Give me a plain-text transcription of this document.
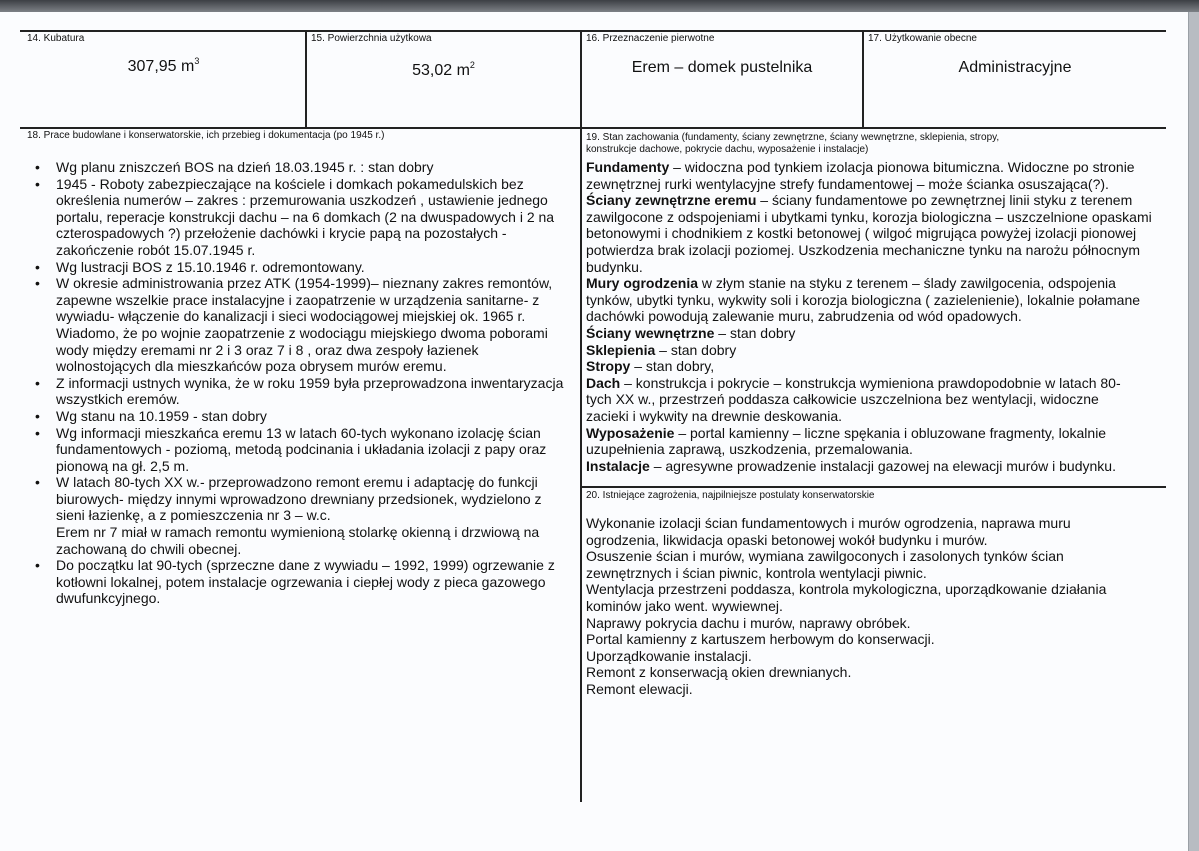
14. Kubatura
307,95 $m^3$
15. Powierzchnia użytkowa
53,02 $m^2$
16. Przeznaczenie pierwotne
Erem – domek pustelnika
17. Użytkowanie obecne
Administracyjne
18. Prace budowlane i konserwatorskie, ich przebieg i dokumentacja (po 1945 r.)
• Wg planu zniszczeń BOS na dzień 18.03.1945 r. : stan dobry
• 1945 - Roboty zabezpieczające na kościele i domkach pokamedulskich bez określenia numerów – zakres : przemurowania uszkodzeń , ustawienie jednego portalu, reperacje konstrukcji dachu – na 6 domkach (2 na dwuspadowych i 2 na czterospadowych ?) przełożenie dachówki i krycie papą na pozostałych - zakończenie robót 15.07.1945 r.
• Wg lustracji BOS z 15.10.1946 r. odremontowany.
• W okresie administrowania przez ATK (1954-1999)– nieznany zakres remontów, zapewne wszelkie prace instalacyjne i zaopatrzenie w urządzenia sanitarne- z wywiadu- włączenie do kanalizacji i sieci wodociągowej miejskiej ok. 1965 r. Wiadomo, że po wojnie zaopatrzenie z wodociągu miejskiego dwoma poborami wody między eremami nr 2 i 3 oraz 7 i 8 , oraz dwa zespoły łazienek wolnostojących dla mieszkańców poza obrysem murów eremu.
• Z informacji ustnych wynika, że w roku 1959 była przeprowadzona inwentaryzacja wszystkich eremów.
• Wg stanu na 10.1959 - stan dobry
• Wg informacji mieszkańca eremu 13 w latach 60-tych wykonano izolację ścian fundamentowych - poziomą, metodą podcinania i układania izolacji z papy oraz pionową na gł. 2,5 m.
• W latach 80-tych XX w.- przeprowadzono remont eremu i adaptację do funkcji biurowych- między innymi wprowadzono drewniany przedsionek, wydzielono z sieni łazienkę, a z pomieszczenia nr 3 – w.c.
Erem nr 7 miał w ramach remontu wymienioną stolarkę okienną i drzwiową na zachowaną do chwili obecnej.
• Do początku lat 90-tych (sprzeczne dane z wywiadu – 1992, 1999) ogrzewanie z kotłowni lokalnej, potem instalacje ogrzewania i ciepłej wody z pieca gazowego dwufunkcyjnego.
19. Stan zachowania (fundamenty, ściany zewnętrzne, ściany wewnętrzne, sklepienia, stropy,
konstrukcje dachowe, pokrycie dachu, wyposażenie i instalacje)
Fundamenty – widoczna pod tynkiem izolacja pionowa bitumiczna. Widoczne po stronie zewnętrznej rurki wentylacyjne strefy fundamentowej – może ścianka osuszająca(?).
Ściany zewnętrzne eremu – ściany fundamentowe po zewnętrznej linii styku z terenem zawilgocone z odspojeniami i ubytkami tynku, korozja biologiczna – uszczelnione opaskami betonowymi i chodnikiem z kostki betonowej ( wilgoć migrująca powyżej izolacji pionowej potwierdza brak izolacji poziomej. Uszkodzenia mechaniczne tynku na narożu północnym budynku.
Mury ogrodzenia w złym stanie na styku z terenem – ślady zawilgocenia, odspojenia tynków, ubytki tynku, wykwity soli i korozja biologiczna ( zazielenienie), lokalnie połamane dachówki powodują zalewanie muru, zabrudzenia od wód opadowych.
Ściany wewnętrzne – stan dobry
Sklepienia – stan dobry
Stropy – stan dobry,
Dach – konstrukcja i pokrycie – konstrukcja wymieniona prawdopodobnie w latach 80-tych XX w., przestrzeń poddasza całkowicie uszczelniona bez wentylacji, widoczne zacieki i wykwity na drewnie deskowania.
Wyposażenie – portal kamienny – liczne spękania i obluzowane fragmenty, lokalnie uzupełnienia zaprawą, uszkodzenia, przemalowania.
Instalacje – agresywne prowadzenie instalacji gazowej na elewacji murów i budynku.
20. Istniejące zagrożenia, najpilniejsze postulaty konserwatorskie
Wykonanie izolacji ścian fundamentowych i murów ogrodzenia, naprawa muru ogrodzenia, likwidacja opaski betonowej wokół budynku i murów.
Osuszenie ścian i murów, wymiana zawilgoconych i zasolonych tynków ścian zewnętrznych i ścian piwnic, kontrola wentylacji piwnic.
Wentylacja przestrzeni poddasza, kontrola mykologiczna, uporządkowanie działania kominów jako went. wywiewnej.
Naprawy pokrycia dachu i murów, naprawy obróbek.
Portal kamienny z kartuszem herbowym do konserwacji.
Uporządkowanie instalacji.
Remont z konserwacją okien drewnianych.
Remont elewacji.
